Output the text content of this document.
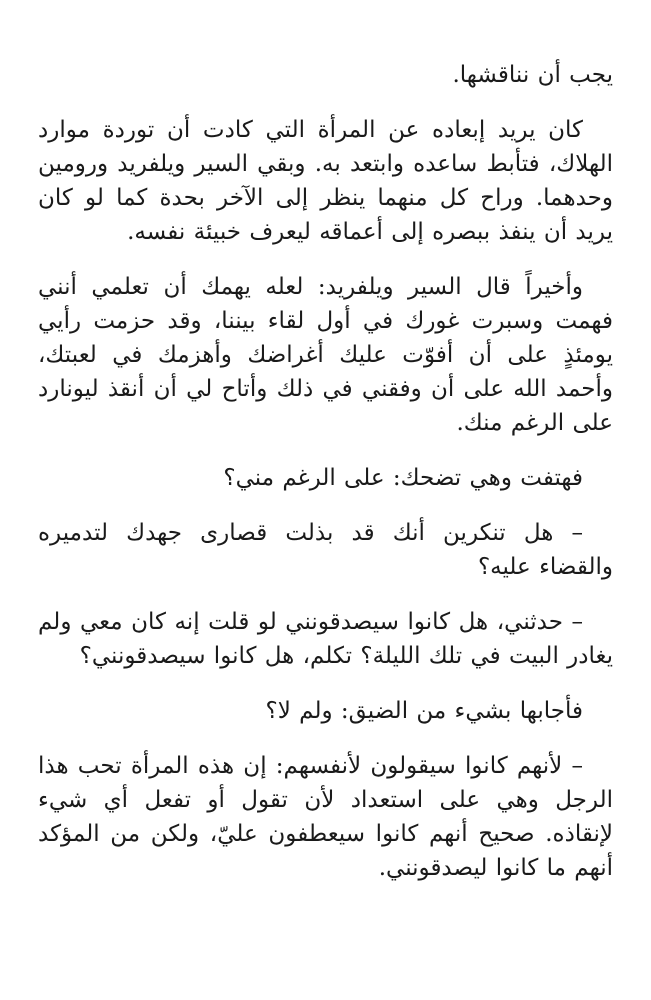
يجب أن نناقشها.

كان يريد إبعاده عن المرأة التي كادت أن توردة موارد الهلاك، فتأبط ساعده وابتعد به. وبقي السير ويلفريد ورومين وحدهما. وراح كل منهما ينظر إلى الآخر بحدة كما لو كان يريد أن ينفذ ببصره إلى أعماقه ليعرف خبيئة نفسه.

وأخيراً قال السير ويلفريد: لعله يهمك أن تعلمي أنني فهمت وسبرت غورك في أول لقاء بيننا، وقد حزمت رأيي يومئذٍ على أن أفوّت عليك أغراضك وأهزمك في لعبتك، وأحمد الله على أن وفقني في ذلك وأتاح لي أن أنقذ ليونارد على الرغم منك.

فهتفت وهي تضحك: على الرغم مني؟

– هل تنكرين أنك قد بذلت قصارى جهدك لتدميره والقضاء عليه؟

– حدثني، هل كانوا سيصدقونني لو قلت إنه كان معي ولم يغادر البيت في تلك الليلة؟ تكلم، هل كانوا سيصدقونني؟

فأجابها بشيء من الضيق: ولم لا؟

– لأنهم كانوا سيقولون لأنفسهم: إن هذه المرأة تحب هذا الرجل وهي على استعداد لأن تقول أو تفعل أي شيء لإنقاذه. صحيح أنهم كانوا سيعطفون عليّ، ولكن من المؤكد أنهم ما كانوا ليصدقونني.
